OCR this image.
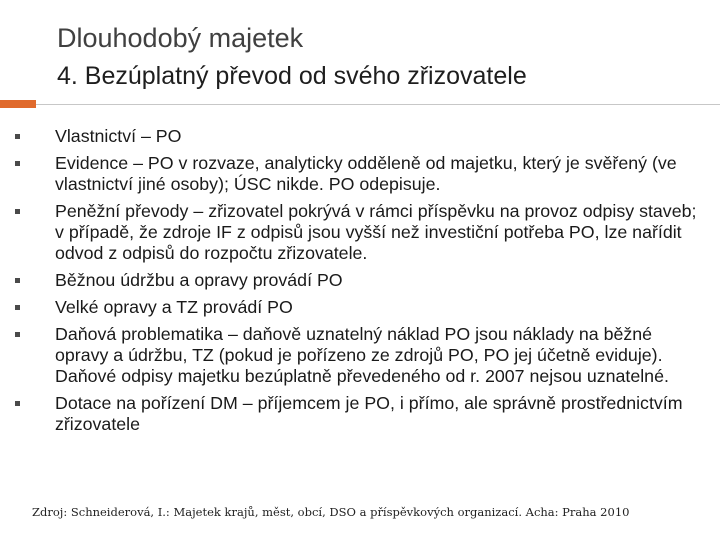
Dlouhodobý majetek
4. Bezúplatný převod od svého zřizovatele
Vlastnictví – PO
Evidence – PO v rozvaze, analyticky odděleně od majetku, který je svěřený (ve vlastnictví jiné osoby); ÚSC nikde. PO odepisuje.
Peněžní převody – zřizovatel pokrývá v rámci příspěvku na provoz odpisy staveb; v případě, že zdroje IF z odpisů jsou vyšší než investiční potřeba PO, lze nařídit odvod z odpisů do rozpočtu zřizovatele.
Běžnou údržbu a opravy provádí PO
Velké opravy a TZ provádí PO
Daňová problematika – daňově uznatelný náklad PO jsou náklady na běžné opravy a údržbu, TZ (pokud je pořízeno ze zdrojů PO, PO jej účetně eviduje). Daňové odpisy majetku bezúplatně převedeného od r. 2007 nejsou uznatelné.
Dotace na pořízení DM – příjemcem je PO, i přímo, ale správně prostřednictvím zřizovatele
Zdroj: Schneiderová, I.: Majetek krajů, měst, obcí, DSO a příspěvkových organizací. Acha: Praha 2010
